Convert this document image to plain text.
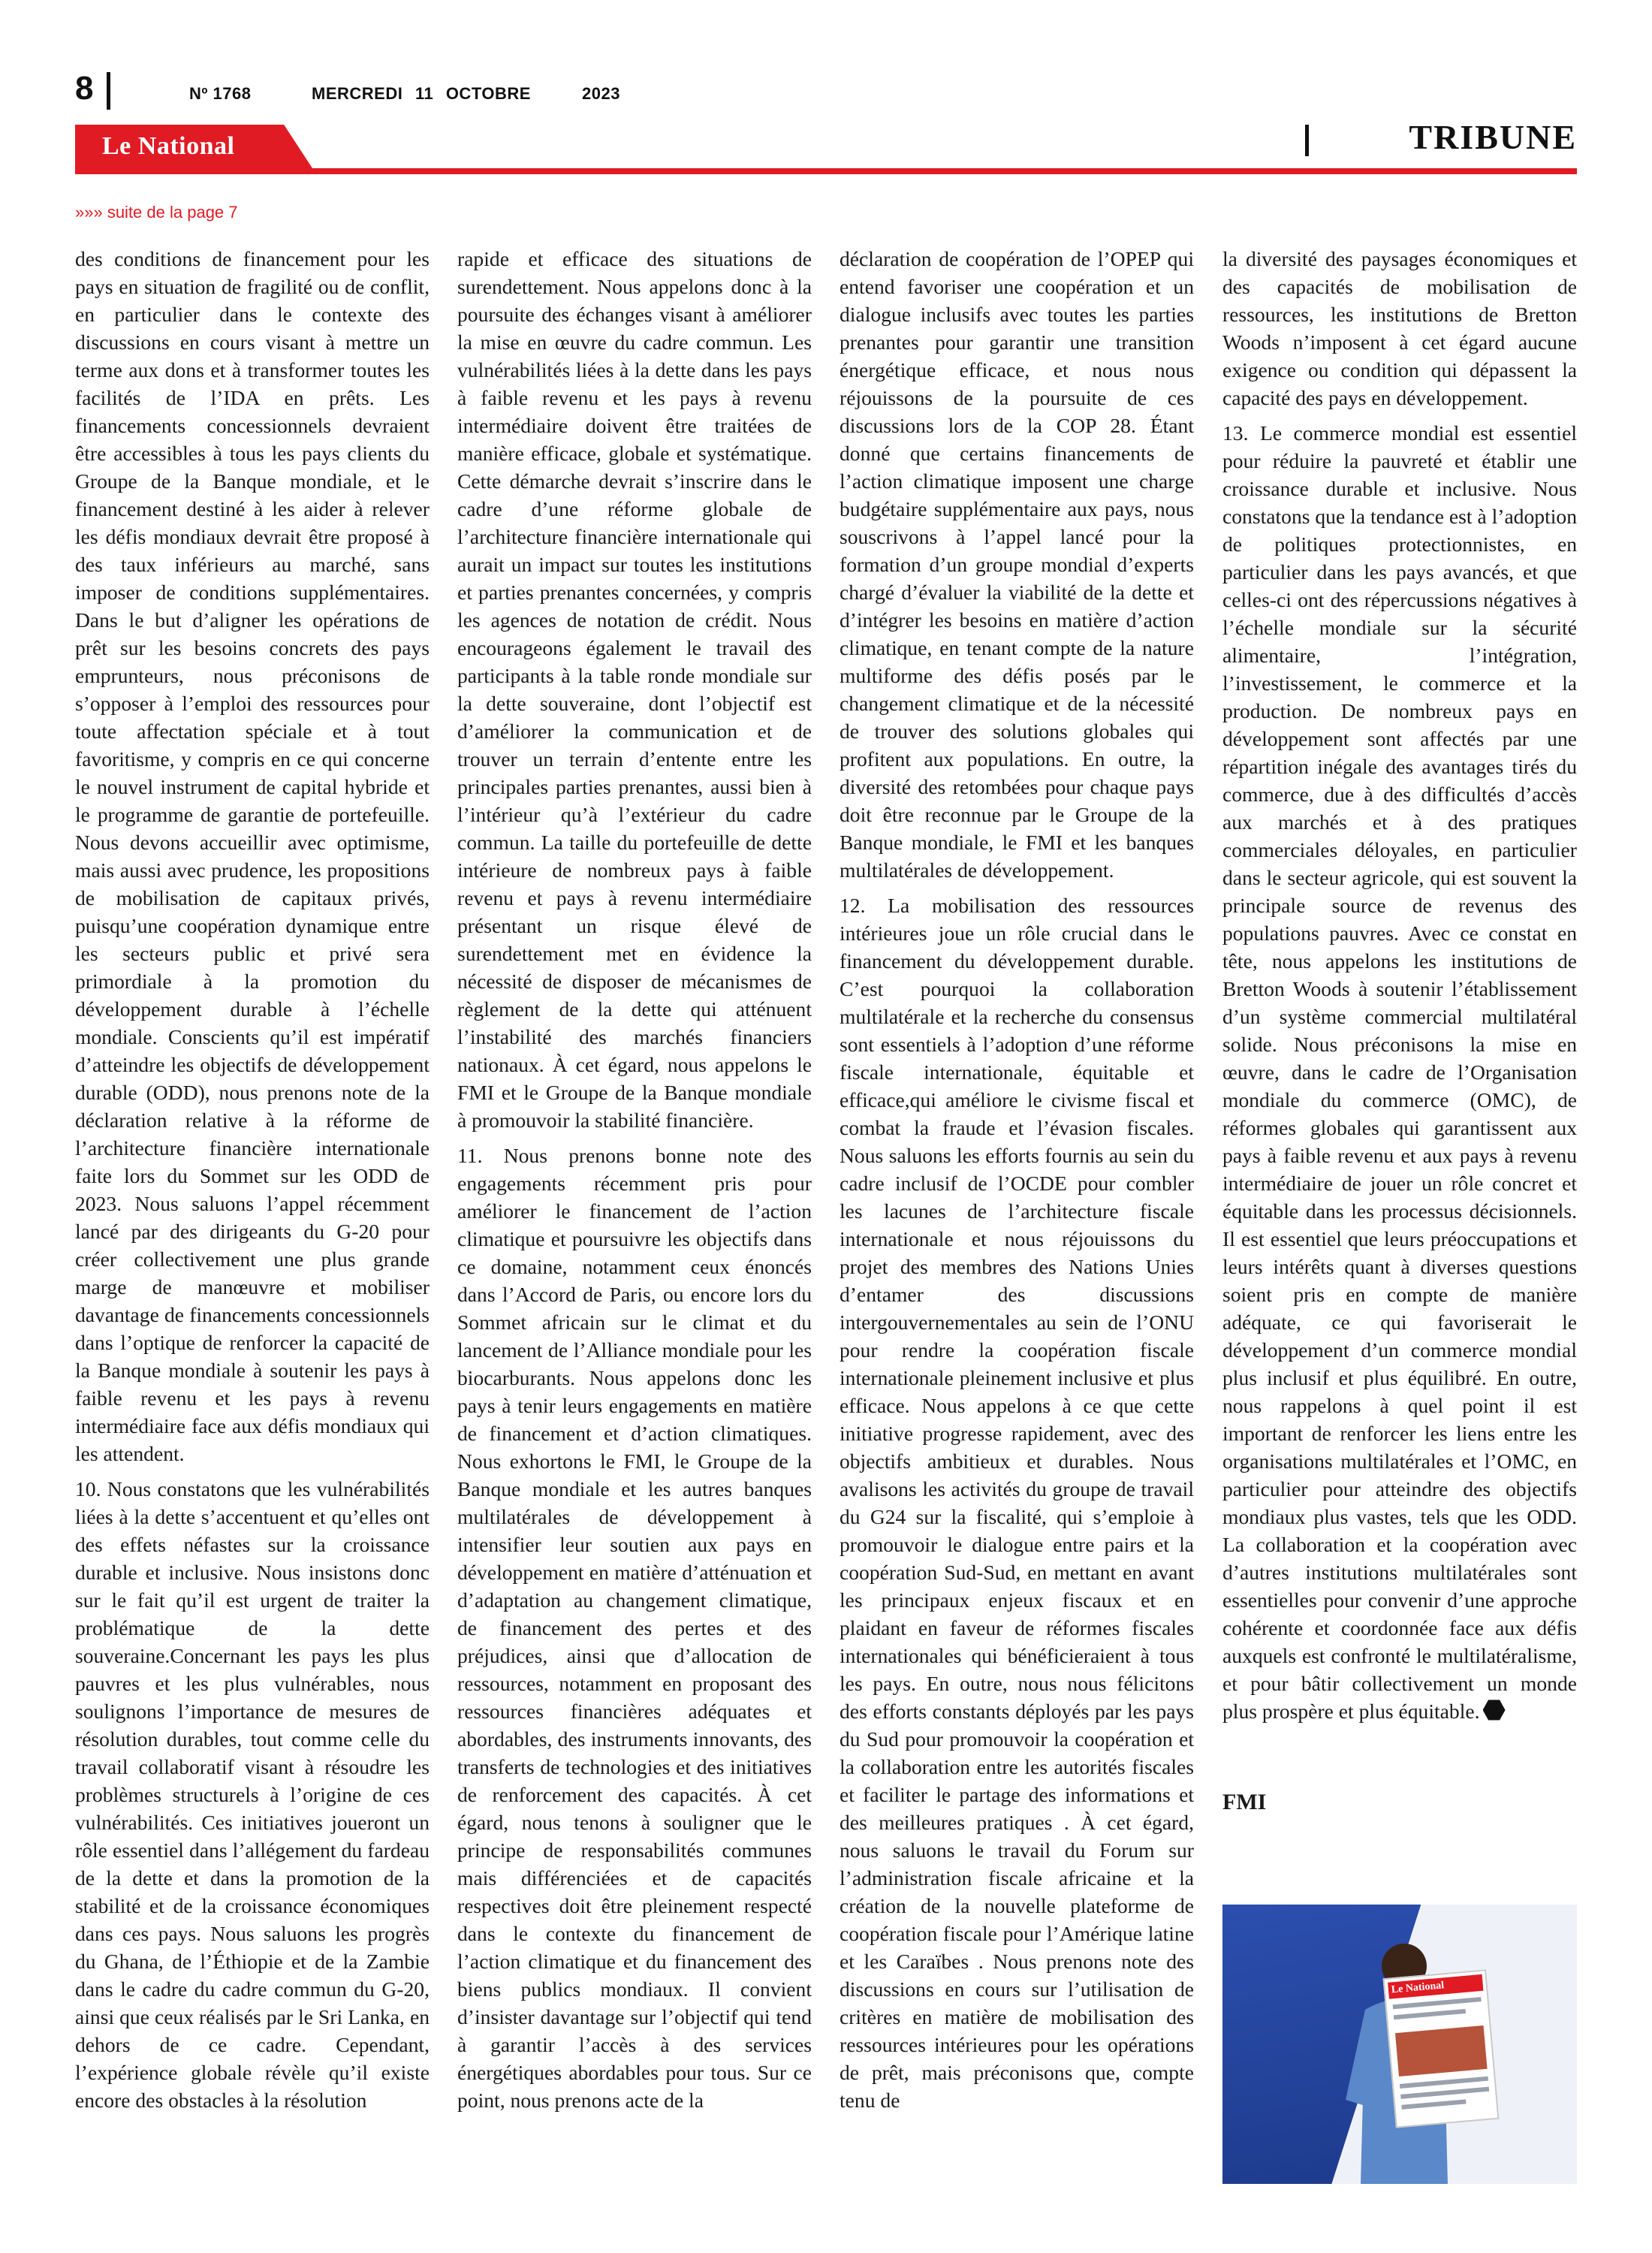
8	Nº 1768	MERCREDI 11 OCTOBRE	2023
Le National	TRIBUNE
»»» suite de la page 7

des conditions de financement pour les pays en situation de fragilité ou de conflit, en particulier dans le contexte des discussions en cours visant à mettre un terme aux dons et à transformer toutes les facilités de l’IDA en prêts. Les financements concessionnels devraient être accessibles à tous les pays clients du Groupe de la Banque mondiale, et le financement destiné à les aider à relever les défis mondiaux devrait être proposé à des taux inférieurs au marché, sans imposer de conditions supplémentaires. Dans le but d’aligner les opérations de prêt sur les besoins concrets des pays emprunteurs, nous préconisons de s’opposer à l’emploi des ressources pour toute affectation spéciale et à tout favoritisme, y compris en ce qui concerne le nouvel instrument de capital hybride et le programme de garantie de portefeuille. Nous devons accueillir avec optimisme, mais aussi avec prudence, les propositions de mobilisation de capitaux privés, puisqu’une coopération dynamique entre les secteurs public et privé sera primordiale à la promotion du développement durable à l’échelle mondiale. Conscients qu’il est impératif d’atteindre les objectifs de développement durable (ODD), nous prenons note de la déclaration relative à la réforme de l’architecture financière internationale faite lors du Sommet sur les ODD de 2023. Nous saluons l’appel récemment lancé par des dirigeants du G-20 pour créer collectivement une plus grande marge de manœuvre et mobiliser davantage de financements concessionnels dans l’optique de renforcer la capacité de la Banque mondiale à soutenir les pays à faible revenu et les pays à revenu intermédiaire face aux défis mondiaux qui les attendent.

10. Nous constatons que les vulnérabilités liées à la dette s’accentuent et qu’elles ont des effets néfastes sur la croissance durable et inclusive. Nous insistons donc sur le fait qu’il est urgent de traiter la problématique de la dette souveraine.Concernant les pays les plus pauvres et les plus vulnérables, nous soulignons l’importance de mesures de résolution durables, tout comme celle du travail collaboratif visant à résoudre les problèmes structurels à l’origine de ces vulnérabilités. Ces initiatives joueront un rôle essentiel dans l’allégement du fardeau de la dette et dans la promotion de la stabilité et de la croissance économiques dans ces pays. Nous saluons les progrès du Ghana, de l’Éthiopie et de la Zambie dans le cadre du cadre commun du G-20, ainsi que ceux réalisés par le Sri Lanka, en dehors de ce cadre. Cependant, l’expérience globale révèle qu’il existe encore des obstacles à la résolution

rapide et efficace des situations de surendettement. Nous appelons donc à la poursuite des échanges visant à améliorer la mise en œuvre du cadre commun. Les vulnérabilités liées à la dette dans les pays à faible revenu et les pays à revenu intermédiaire doivent être traitées de manière efficace, globale et systématique. Cette démarche devrait s’inscrire dans le cadre d’une réforme globale de l’architecture financière internationale qui aurait un impact sur toutes les institutions et parties prenantes concernées, y compris les agences de notation de crédit. Nous encourageons également le travail des participants à la table ronde mondiale sur la dette souveraine, dont l’objectif est d’améliorer la communication et de trouver un terrain d’entente entre les principales parties prenantes, aussi bien à l’intérieur qu’à l’extérieur du cadre commun. La taille du portefeuille de dette intérieure de nombreux pays à faible revenu et pays à revenu intermédiaire présentant un risque élevé de surendettement met en évidence la nécessité de disposer de mécanismes de règlement de la dette qui atténuent l’instabilité des marchés financiers nationaux. À cet égard, nous appelons le FMI et le Groupe de la Banque mondiale à promouvoir la stabilité financière.

11. Nous prenons bonne note des engagements récemment pris pour améliorer le financement de l’action climatique et poursuivre les objectifs dans ce domaine, notamment ceux énoncés dans l’Accord de Paris, ou encore lors du Sommet africain sur le climat et du lancement de l’Alliance mondiale pour les biocarburants. Nous appelons donc les pays à tenir leurs engagements en matière de financement et d’action climatiques. Nous exhortons le FMI, le Groupe de la Banque mondiale et les autres banques multilatérales de développement à intensifier leur soutien aux pays en développement en matière d’atténuation et d’adaptation au changement climatique, de financement des pertes et des préjudices, ainsi que d’allocation de ressources, notamment en proposant des ressources financières adéquates et abordables, des instruments innovants, des transferts de technologies et des initiatives de renforcement des capacités. À cet égard, nous tenons à souligner que le principe de responsabilités communes mais différenciées et de capacités respectives doit être pleinement respecté dans le contexte du financement de l’action climatique et du financement des biens publics mondiaux. Il convient d’insister davantage sur l’objectif qui tend à garantir l’accès à des services énergétiques abordables pour tous. Sur ce point, nous prenons acte de la

déclaration de coopération de l’OPEP qui entend favoriser une coopération et un dialogue inclusifs avec toutes les parties prenantes pour garantir une transition énergétique efficace, et nous nous réjouissons de la poursuite de ces discussions lors de la COP 28. Étant donné que certains financements de l’action climatique imposent une charge budgétaire supplémentaire aux pays, nous souscrivons à l’appel lancé pour la formation d’un groupe mondial d’experts chargé d’évaluer la viabilité de la dette et d’intégrer les besoins en matière d’action climatique, en tenant compte de la nature multiforme des défis posés par le changement climatique et de la nécessité de trouver des solutions globales qui profitent aux populations. En outre, la diversité des retombées pour chaque pays doit être reconnue par le Groupe de la Banque mondiale, le FMI et les banques multilatérales de développement.

12. La mobilisation des ressources intérieures joue un rôle crucial dans le financement du développement durable. C’est pourquoi la collaboration multilatérale et la recherche du consensus sont essentiels à l’adoption d’une réforme fiscale internationale, équitable et efficace,qui améliore le civisme fiscal et combat la fraude et l’évasion fiscales. Nous saluons les efforts fournis au sein du cadre inclusif de l’OCDE pour combler les lacunes de l’architecture fiscale internationale et nous réjouissons du projet des membres des Nations Unies d’entamer des discussions intergouvernementales au sein de l’ONU pour rendre la coopération fiscale internationale pleinement inclusive et plus efficace. Nous appelons à ce que cette initiative progresse rapidement, avec des objectifs ambitieux et durables. Nous avalisons les activités du groupe de travail du G24 sur la fiscalité, qui s’emploie à promouvoir le dialogue entre pairs et la coopération Sud-Sud, en mettant en avant les principaux enjeux fiscaux et en plaidant en faveur de réformes fiscales internationales qui bénéficieraient à tous les pays. En outre, nous nous félicitons des efforts constants déployés par les pays du Sud pour promouvoir la coopération et la collaboration entre les autorités fiscales et faciliter le partage des informations et des meilleures pratiques . À cet égard, nous saluons le travail du Forum sur l’administration fiscale africaine et la création de la nouvelle plateforme de coopération fiscale pour l’Amérique latine et les Caraïbes . Nous prenons note des discussions en cours sur l’utilisation de critères en matière de mobilisation des ressources intérieures pour les opérations de prêt, mais préconisons que, compte tenu de

la diversité des paysages économiques et des capacités de mobilisation de ressources, les institutions de Bretton Woods n’imposent à cet égard aucune exigence ou condition qui dépassent la capacité des pays en développement.

13. Le commerce mondial est essentiel pour réduire la pauvreté et établir une croissance durable et inclusive. Nous constatons que la tendance est à l’adoption de politiques protectionnistes, en particulier dans les pays avancés, et que celles-ci ont des répercussions négatives à l’échelle mondiale sur la sécurité alimentaire, l’intégration, l’investissement, le commerce et la production. De nombreux pays en développement sont affectés par une répartition inégale des avantages tirés du commerce, due à des difficultés d’accès aux marchés et à des pratiques commerciales déloyales, en particulier dans le secteur agricole, qui est souvent la principale source de revenus des populations pauvres. Avec ce constat en tête, nous appelons les institutions de Bretton Woods à soutenir l’établissement d’un système commercial multilatéral solide. Nous préconisons la mise en œuvre, dans le cadre de l’Organisation mondiale du commerce (OMC), de réformes globales qui garantissent aux pays à faible revenu et aux pays à revenu intermédiaire de jouer un rôle concret et équitable dans les processus décisionnels. Il est essentiel que leurs préoccupations et leurs intérêts quant à diverses questions soient pris en compte de manière adéquate, ce qui favoriserait le développement d’un commerce mondial plus inclusif et plus équilibré. En outre, nous rappelons à quel point il est important de renforcer les liens entre les organisations multilatérales et l’OMC, en particulier pour atteindre des objectifs mondiaux plus vastes, tels que les ODD. La collaboration et la coopération avec d’autres institutions multilatérales sont essentielles pour convenir d’une approche cohérente et coordonnée face aux défis auxquels est confronté le multilatéralisme, et pour bâtir collectivement un monde plus prospère et plus équitable.

FMI
Le National
